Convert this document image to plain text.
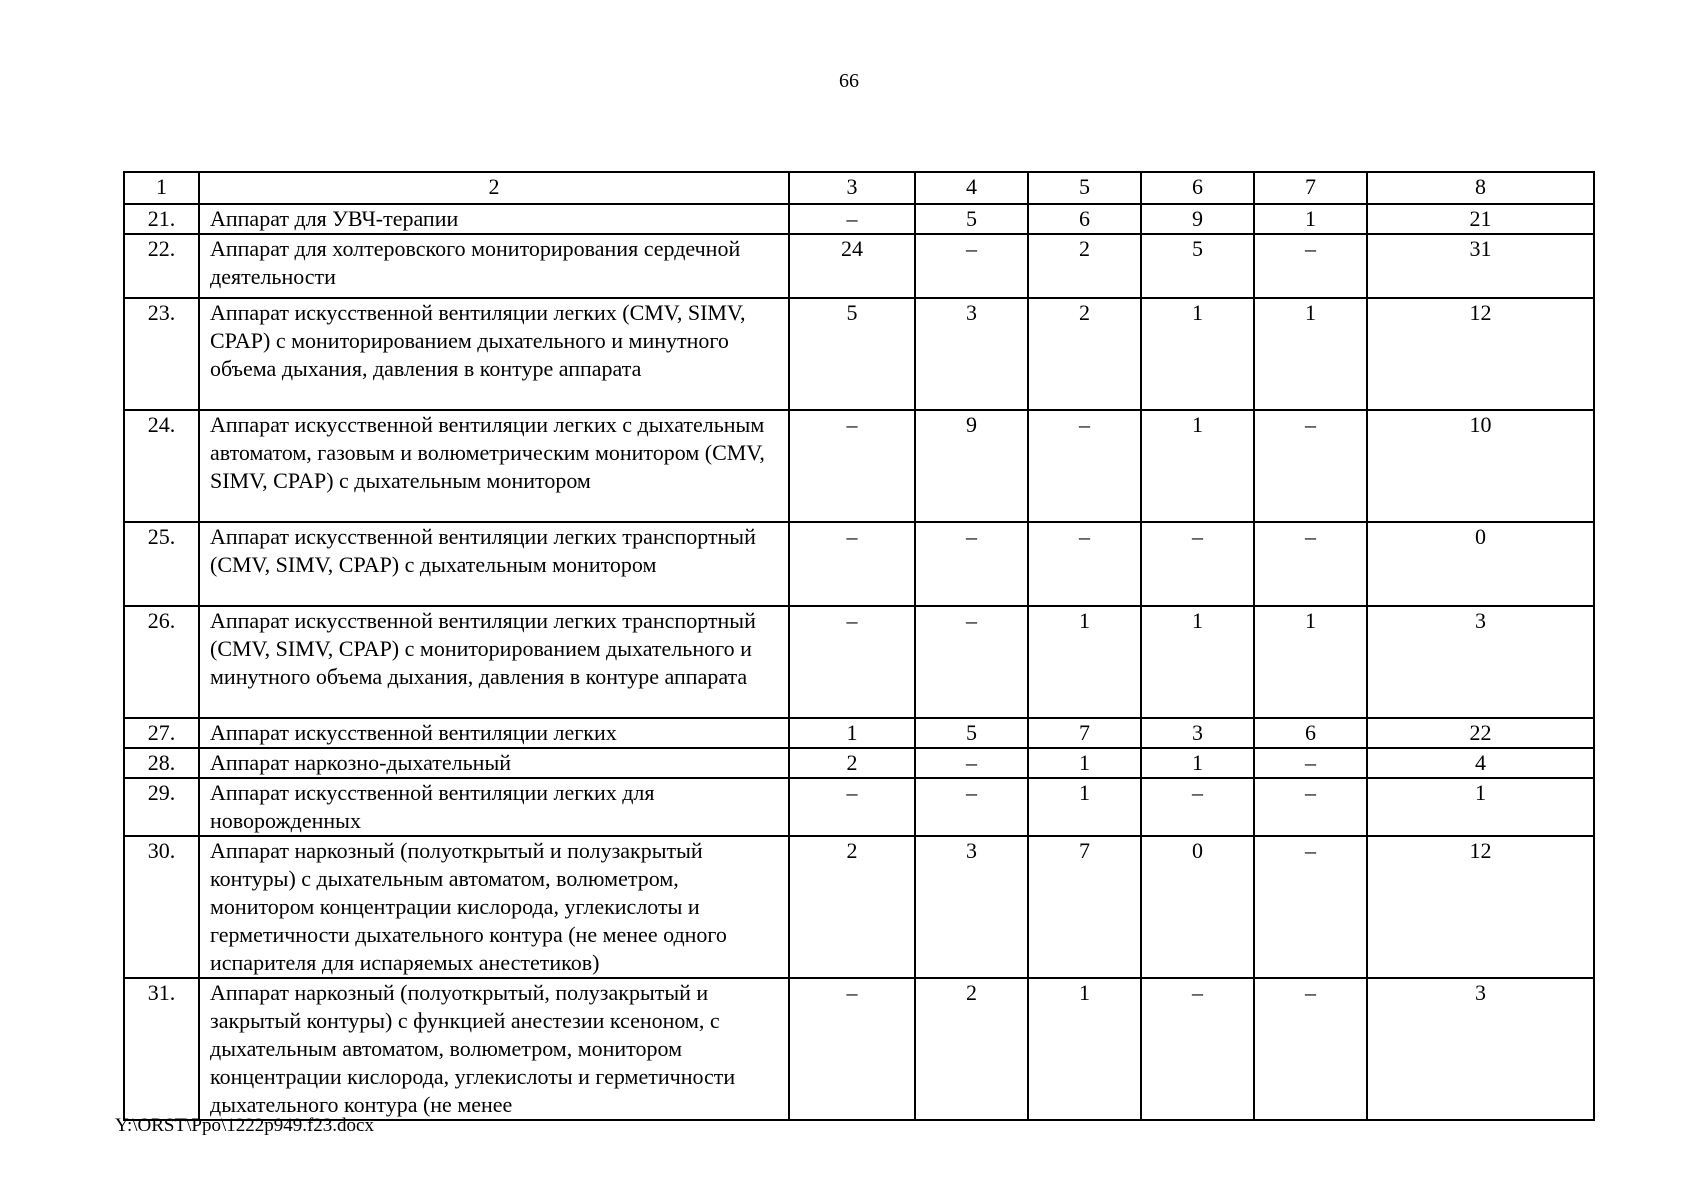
66
1	2	3	4	5	6	7	8
21.	Аппарат для УВЧ-терапии	–	5	6	9	1	21
22.	Аппарат для холтеровского мониторирования сердечной деятельности	24	–	2	5	–	31
23.	Аппарат искусственной вентиляции легких (CMV, SIMV, CPAP) с мониторированием дыхательного и минутного объема дыхания, давления в контуре аппарата	5	3	2	1	1	12
24.	Аппарат искусственной вентиляции легких с дыхательным автоматом, газовым и волюметрическим монитором (CMV, SIMV, CPAP) с дыхательным монитором	–	9	–	1	–	10
25.	Аппарат искусственной вентиляции легких транспортный (CMV, SIMV, CPAP) с дыхательным монитором	–	–	–	–	–	0
26.	Аппарат искусственной вентиляции легких транспортный (CMV, SIMV, CPAP) с мониторированием дыхательного и минутного объема дыхания, давления в контуре аппарата	–	–	1	1	1	3
27.	Аппарат искусственной вентиляции легких	1	5	7	3	6	22
28.	Аппарат наркозно-дыхательный	2	–	1	1	–	4
29.	Аппарат искусственной вентиляции легких для новорожденных	–	–	1	–	–	1
30.	Аппарат наркозный (полуоткрытый и полузакрытый контуры) с дыхательным автоматом, волюметром, монитором концентрации кислорода, углекислоты и герметичности дыхательного контура (не менее одного испарителя для испаряемых анестетиков)	2	3	7	0	–	12
31.	Аппарат наркозный (полуоткрытый, полузакрытый и закрытый контуры) с функцией анестезии ксеноном, с дыхательным автоматом, волюметром, монитором концентрации кислорода, углекислоты и герметичности дыхательного контура (не менее	–	2	1	–	–	3
Y:\ORST\Ppo\1222p949.f23.docx
